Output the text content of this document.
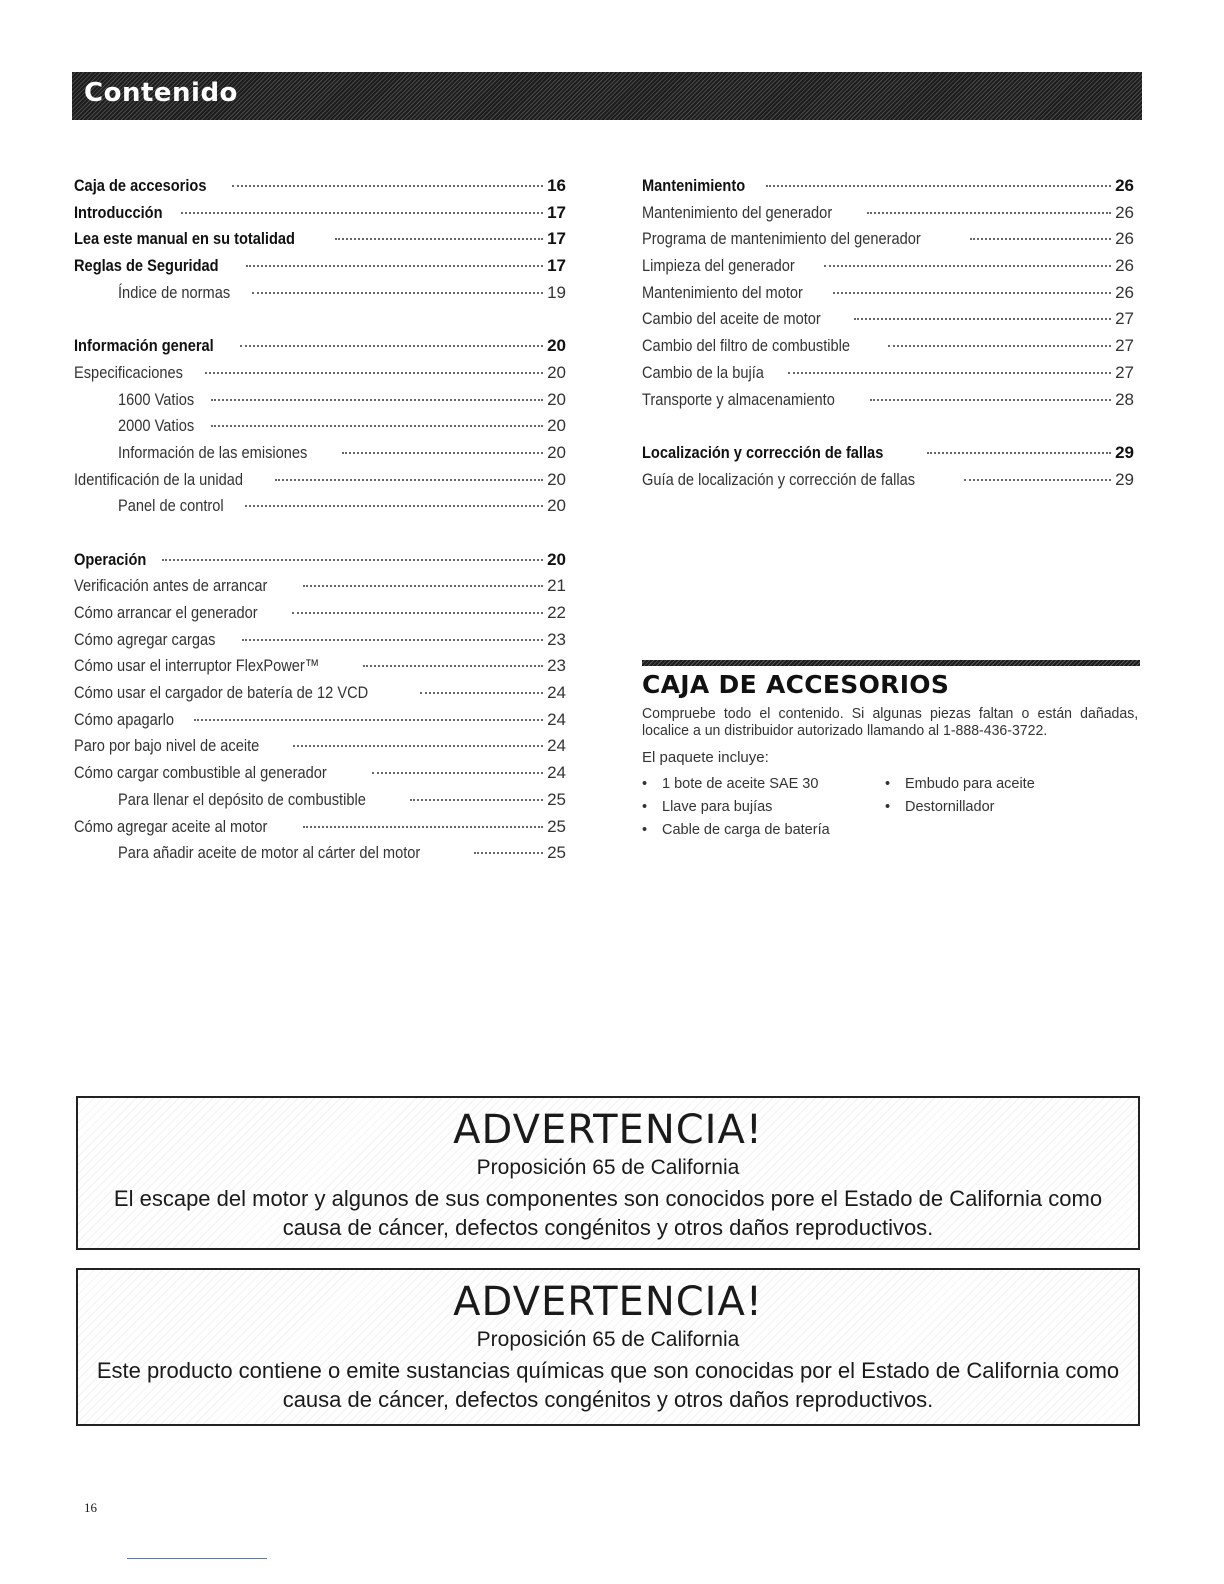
Contenido
Caja de accesorios	16
Introducción	17
Lea este manual en su totalidad	17
Reglas de Seguridad	17
Índice de normas	19
Información general	20
Especificaciones	20
1600 Vatios	20
2000 Vatios	20
Información de las emisiones	20
Identificación de la unidad	20
Panel de control	20
Operación	20
Verificación antes de arrancar	21
Cómo arrancar el generador	22
Cómo agregar cargas	23
Cómo usar el interruptor FlexPower™	23
Cómo usar el cargador de batería de 12 VCD	24
Cómo apagarlo	24
Paro por bajo nivel de aceite	24
Cómo cargar combustible al generador	24
Para llenar el depósito de combustible	25
Cómo agregar aceite al motor	25
Para añadir aceite de motor al cárter del motor	25
Mantenimiento	26
Mantenimiento del generador	26
Programa de mantenimiento del generador	26
Limpieza del generador	26
Mantenimiento del motor	26
Cambio del aceite de motor	27
Cambio del filtro de combustible	27
Cambio de la bujía	27
Transporte y almacenamiento	28
Localización y corrección de fallas	29
Guía de localización y corrección de fallas	29
CAJA DE ACCESORIOS
Compruebe todo el contenido. Si algunas piezas faltan o están dañadas, localice a un distribuidor autorizado llamando al 1-888-436-3722.
El paquete incluye:
•	1 bote de aceite SAE 30
•	Llave para bujías
•	Cable de carga de batería
•	Embudo para aceite
•	Destornillador
ADVERTENCIA!
Proposición 65 de California
El escape del motor y algunos de sus componentes son conocidos pore el Estado de California como
causa de cáncer, defectos congénitos y otros daños reproductivos.
ADVERTENCIA!
Proposición 65 de California
Este producto contiene o emite sustancias químicas que son conocidas por el Estado de California como
causa de cáncer, defectos congénitos y otros daños reproductivos.
16
